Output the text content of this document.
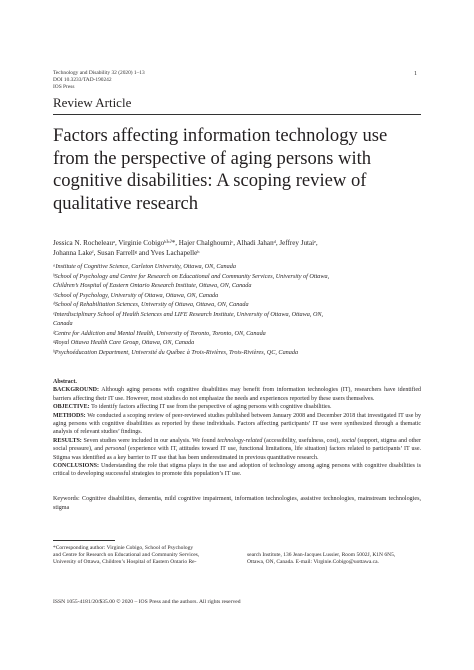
Technology and Disability 32 (2020) 1–13
DOI 10.3233/TAD-190242
IOS Press
1
Review Article
Factors affecting information technology use from the perspective of aging persons with cognitive disabilities: A scoping review of qualitative research
Jessica N. Rocheleauᵃ, Virginie Cobigoᵇˀᶜˀ*, Hajer Chalghoumiᶜ, Alhadi Jahanᵈ, Jeffrey Jutaiᵉ,
Johanna Lakeᶠ, Susan Farrellᵍ and Yves Lachapelleʰ

ᵃInstitute of Cognitive Science, Carleton University, Ottawa, ON, Canada

ᵇSchool of Psychology and Centre for Research on Educational and Community Services, University of Ottawa,

Children’s Hospital of Eastern Ontario Research Institute, Ottawa, ON, Canada

ᶜSchool of Psychology, University of Ottawa, Ottawa, ON, Canada

ᵈSchool of Rehabilitation Sciences, University of Ottawa, Ottawa, ON, Canada

ᵉInterdisciplinary School of Health Sciences and LIFE Research Institute, University of Ottawa, Ottawa, ON,

Canada

ᶠCentre for Addiction and Mental Health, University of Toronto, Toronto, ON, Canada

ᵍRoyal Ottawa Health Care Group, Ottawa, ON, Canada

ʰPsychoéducation Department, Université du Québec à Trois-Rivières, Trois-Rivières, QC, Canada

Abstract.

BACKGROUND: Although aging persons with cognitive disabilities may benefit from information technologies (IT), researchers have identified barriers affecting their IT use. However, most studies do not emphasize the needs and experiences reported by these users themselves.

OBJECTIVE: To identify factors affecting IT use from the perspective of aging persons with cognitive disabilities.

METHODS: We conducted a scoping review of peer-reviewed studies published between January 2008 and December 2018 that investigated IT use by aging persons with cognitive disabilities as reported by these individuals. Factors affecting participants’ IT use were synthesized through a thematic analysis of relevant studies’ findings.

RESULTS: Seven studies were included in our analysis. We found technology-related (accessibility, usefulness, cost), social (support, stigma and other social pressure), and personal (experience with IT, attitudes toward IT use, functional limitations, life situation) factors related to participants’ IT use. Stigma was identified as a key barrier to IT use that has been underestimated in previous quantitative research.

CONCLUSIONS: Understanding the role that stigma plays in the use and adoption of technology among aging persons with cognitive disabilities is critical to developing successful strategies to promote this population’s IT use.

Keywords: Cognitive disabilities, dementia, mild cognitive impairment, information technologies, assistive technologies, mainstream technologies, stigma
*Corresponding author: Virginie Cobigo, School of Psychology
and Centre for Research on Educational and Community Services,
University of Ottawa, Children’s Hospital of Eastern Ontario Re-
search Institute, 136 Jean-Jacques Lussier, Room 5002J, K1N 6N5,
Ottawa, ON, Canada. E-mail: Virginie.Cobigo@uottawa.ca.
ISSN 1055-4181/20/$35.00 © 2020 – IOS Press and the authors. All rights reserved
